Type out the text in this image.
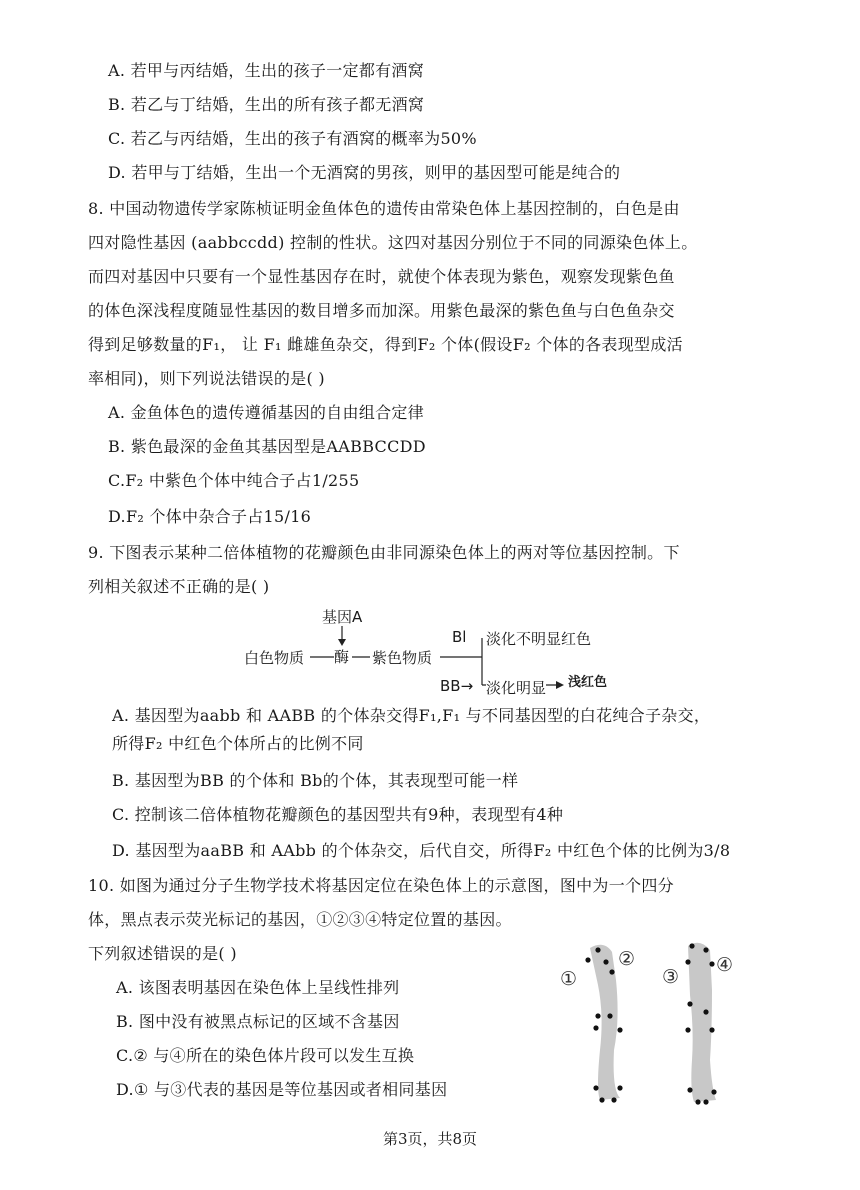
A. 若甲与丙结婚，生出的孩子一定都有酒窝
B. 若乙与丁结婚，生出的所有孩子都无酒窝
C. 若乙与丙结婚，生出的孩子有酒窝的概率为50%
D. 若甲与丁结婚，生出一个无酒窝的男孩，则甲的基因型可能是纯合的
8. 中国动物遗传学家陈桢证明金鱼体色的遗传由常染色体上基因控制的，白色是由
四对隐性基因 (aabbccdd) 控制的性状。这四对基因分别位于不同的同源染色体上。
而四对基因中只要有一个显性基因存在时，就使个体表现为紫色，观察发现紫色鱼
的体色深浅程度随显性基因的数目增多而加深。用紫色最深的紫色鱼与白色鱼杂交
得到足够数量的F₁， 让 F₁ 雌雄鱼杂交，得到F₂ 个体(假设F₂ 个体的各表现型成活
率相同)，则下列说法错误的是( )
A. 金鱼体色的遗传遵循基因的自由组合定律
B. 紫色最深的金鱼其基因型是AABBCCDD
C.F₂ 中紫色个体中纯合子占1/255
D.F₂ 个体中杂合子占15/16
9. 下图表示某种二倍体植物的花瓣颜色由非同源染色体上的两对等位基因控制。下
列相关叙述不正确的是( )
基因A
酶
白色物质	紫色物质
Bl 淡化不明显红色
BB→ 淡化明显 浅红色
A. 基因型为aabb 和 AABB 的个体杂交得F₁,F₁ 与不同基因型的白花纯合子杂交，
所得F₂ 中红色个体所占的比例不同
B. 基因型为BB 的个体和 Bb的个体，其表现型可能一样
C. 控制该二倍体植物花瓣颜色的基因型共有9种，表现型有4种
D. 基因型为aaBB 和 AAbb 的个体杂交，后代自交，所得F₂ 中红色个体的比例为3/8
10. 如图为通过分子生物学技术将基因定位在染色体上的示意图，图中为一个四分
体，黑点表示荧光标记的基因，①②③④特定位置的基因。
下列叙述错误的是( )
A. 该图表明基因在染色体上呈线性排列
B. 图中没有被黑点标记的区域不含基因
C.② 与④所在的染色体片段可以发生互换
D.① 与③代表的基因是等位基因或者相同基因
①
②
③
④
第3页，共8页
